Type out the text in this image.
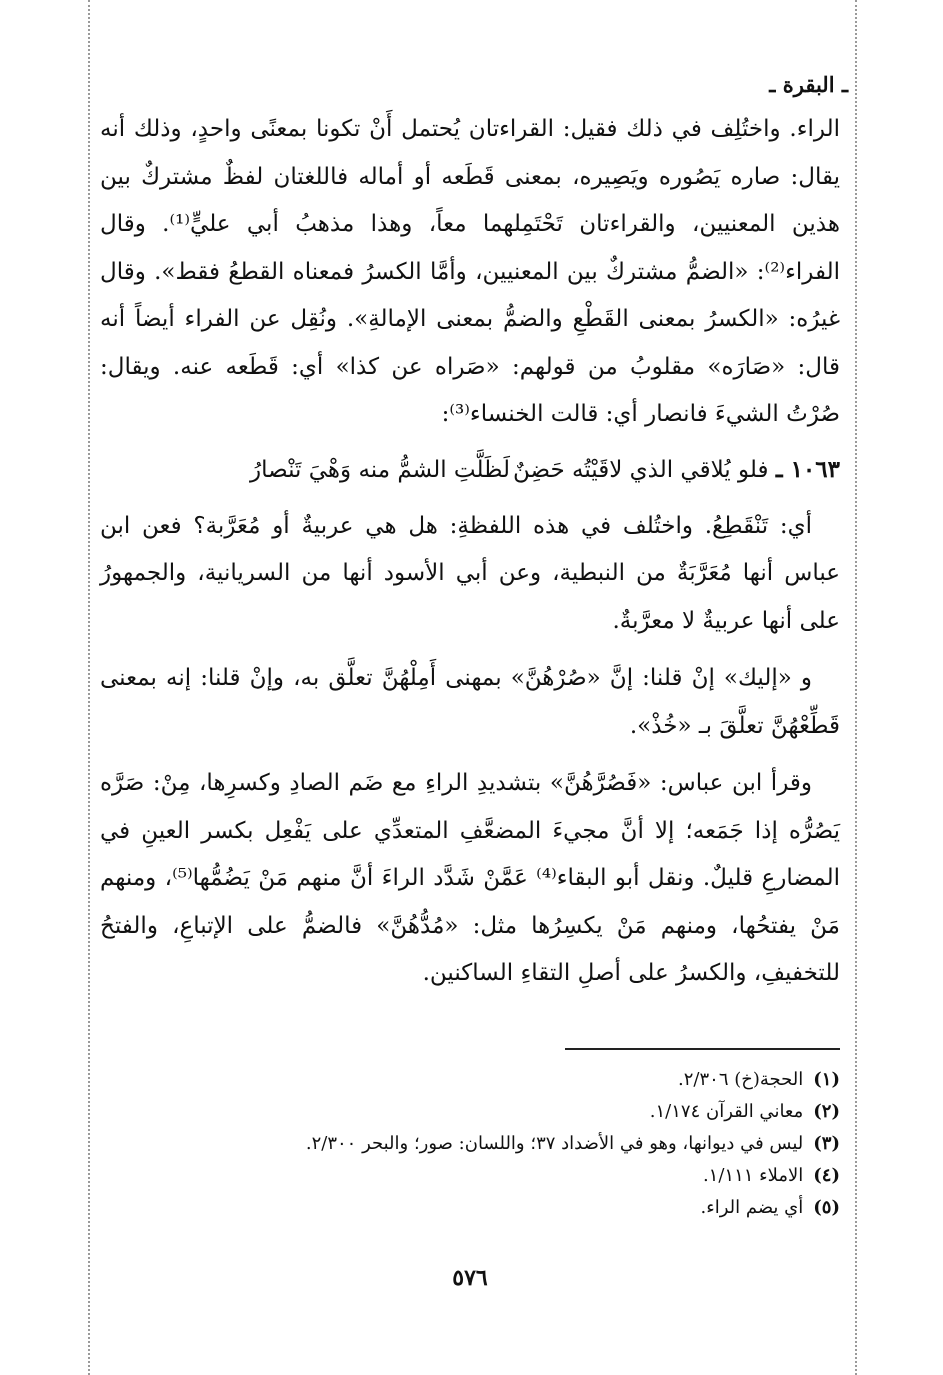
ـ البقرة ـ

الراء. واختُلِف في ذلك فقيل: القراءتان يُحتمل أَنْ تكونا بمعنًى واحدٍ، وذلك أنه يقال: صاره يَصُوره ويَصِيره، بمعنى قَطَعه أو أماله فاللغتان لفظٌ مشتركٌ بين هذين المعنيين، والقراءتان تَحْتَمِلهما معاً، وهذا مذهبُ أبي عليٍّ⁽¹⁾. وقال الفراء⁽²⁾: «الضمُّ مشتركٌ بين المعنيين، وأمَّا الكسرُ فمعناه القطعُ فقط». وقال غيرُه: «الكسرُ بمعنى القَطْعِ والضمُّ بمعنى الإمالةِ». ونُقِل عن الفراء أيضاً أنه قال: «صَارَه» مقلوبُ من قولهم: «صَراه عن كذا» أي: قَطَعه عنه. ويقال: صُرْتُ الشيءَ فانصار أي: قالت الخنساء⁽³⁾:

١٠٦٣ ـ فلو يُلاقي الذي لاقَيْتُه حَضِنٌ
لَظَلَّتِ الشمُّ منه وَهْيَ تَنْصارُ

أي: تَنْقَطِعُ. واختُلف في هذه اللفظةِ: هل هي عربيةٌ أو مُعَرَّبة؟ فعن ابن عباس أنها مُعَرَّبَةٌ من النبطية، وعن أبي الأسود أنها من السريانية، والجمهورُ على أنها عربيةٌ لا معرَّبةٌ.

و «إليك» إنْ قلنا: إنَّ «صُرْهُنَّ» بمهنى أَمِلْهُنَّ تعلَّق به، وإنْ قلنا: إنه بمعنى قَطِّعْهُنَّ تعلَّقَ بـ «خُذْ».

وقرأ ابن عباس: «فَصُرَّهُنَّ» بتشديدِ الراءِ مع ضَم الصادِ وكسرِها، مِنْ: صَرَّه يَصُرُّه إذا جَمَعه؛ إلا أنَّ مجيءَ المضعَّفِ المتعدِّي على يَفْعِل بكسر العينِ في المضارعِ قليلٌ. ونقل أبو البقاء⁽⁴⁾ عَمَّنْ شَدَّد الراءَ أنَّ منهم مَنْ يَضُمُّها⁽⁵⁾، ومنهم مَنْ يفتحُها، ومنهم مَنْ يكسِرُها مثل: «مُدُّهُنَّ» فالضمُّ على الإتباعِ، والفتحُ للتخفيفِ، والكسرُ على أصلِ التقاءِ الساكنين.

(١)الحجة(خ) ٢/٣٠٦.
(٢)معاني القرآن ١/١٧٤.
(٣)ليس في ديوانها، وهو في الأضداد ٣٧؛ واللسان: صور؛ والبحر ٢/٣٠٠.
(٤)الاملاء ١/١١١.
(٥)أي يضم الراء.
٥٧٦
